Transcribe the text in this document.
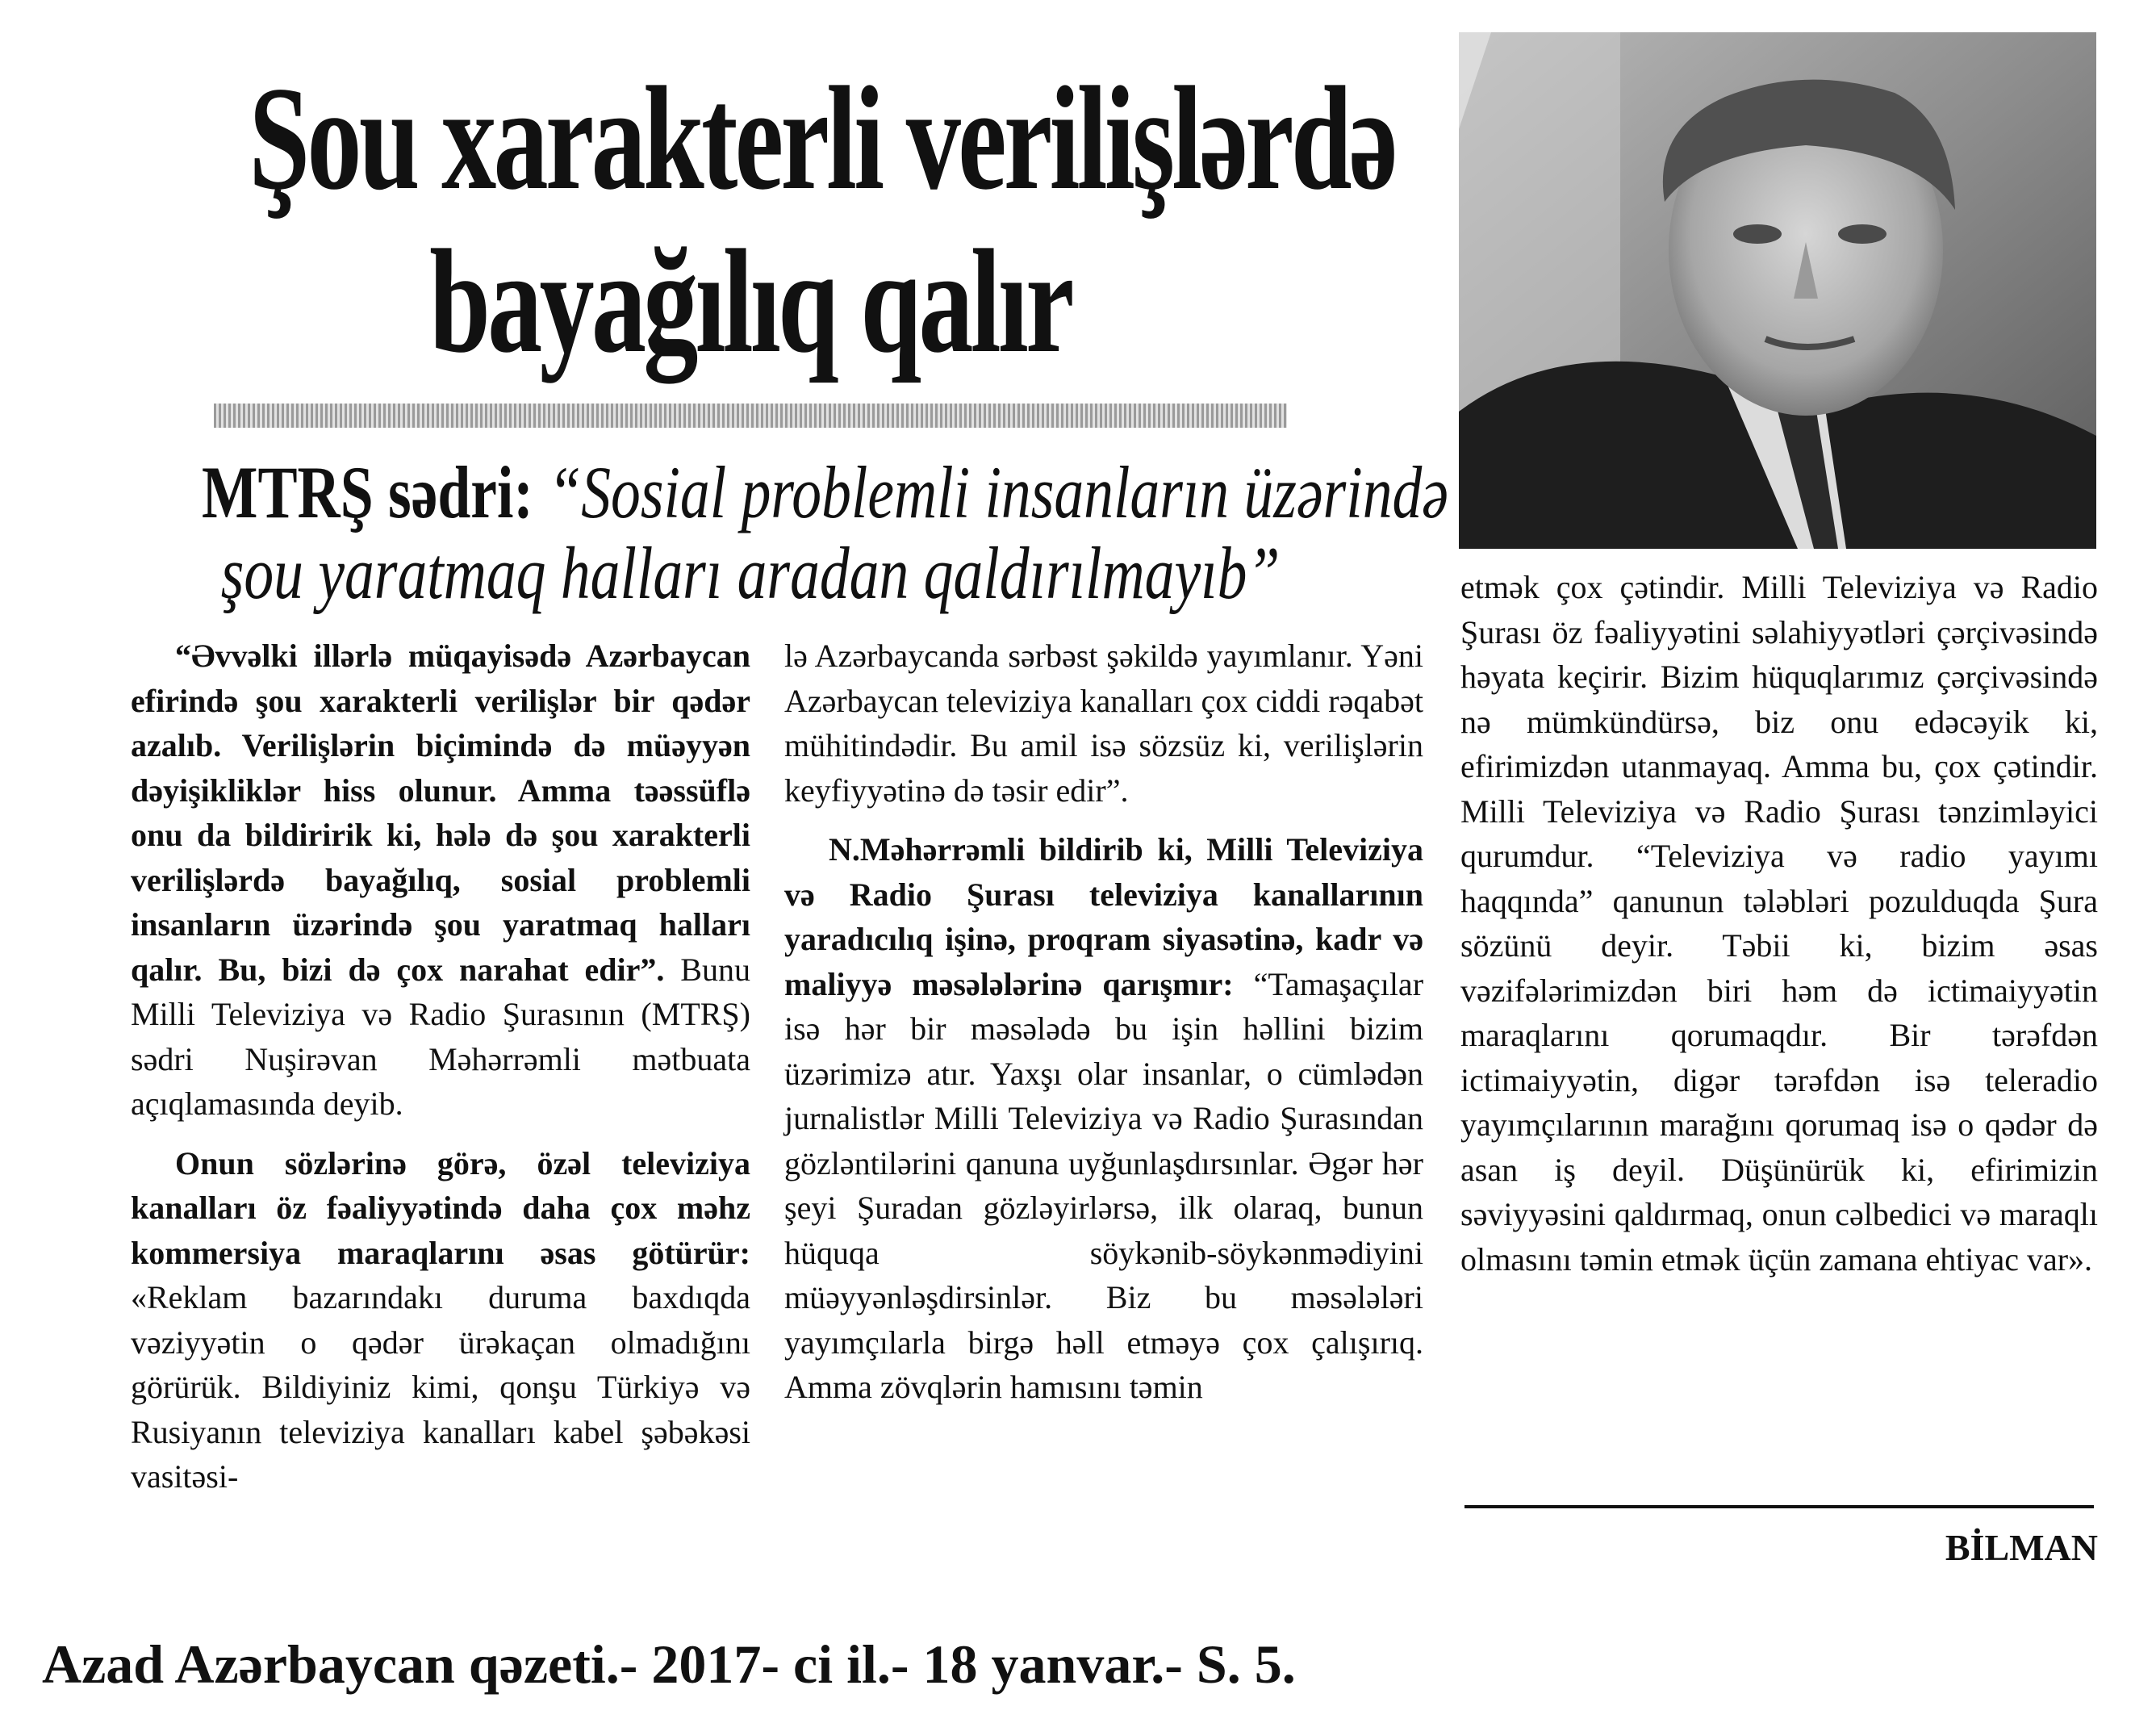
Şou xarakterli verilişlərdə
bayağılıq qalır
MTRŞ sədri: “Sosial problemli insanların üzərində
şou yaratmaq halları aradan qaldırılmayıb”

“Əvvəlki illərlə müqayisədə Azərbaycan efirində şou xarakterli verilişlər bir qədər azalıb. Verilişlərin biçimində də müəyyən dəyişikliklər hiss olunur. Amma təəssüflə onu da bildiririk ki, hələ də şou xarakterli verilişlərdə bayağılıq, sosial problemli insanların üzərində şou yaratmaq halları qalır. Bu, bizi də çox narahat edir”. Bunu Milli Televiziya və Radio Şurasının (MTRŞ) sədri Nuşirəvan Məhərrəmli mətbuata açıqlamasında deyib.

Onun sözlərinə görə, özəl televiziya kanalları öz fəaliyyətində daha çox məhz kommersiya maraqlarını əsas götürür: «Reklam bazarındakı duruma baxdıqda vəziyyətin o qədər ürəkaçan olmadığını görürük. Bildiyiniz kimi, qonşu Türkiyə və Rusiyanın televiziya kanalları kabel şəbəkəsi vasitəsi-

lə Azərbaycanda sərbəst şəkildə yayımlanır. Yəni Azərbaycan televiziya kanalları çox ciddi rəqabət mühitindədir. Bu amil isə sözsüz ki, verilişlərin keyfiyyətinə də təsir edir”.

N.Məhərrəmli bildirib ki, Milli Televiziya və Radio Şurası televiziya kanallarının yaradıcılıq işinə, proqram siyasətinə, kadr və maliyyə məsələlərinə qarışmır: “Tamaşaçılar isə hər bir məsələdə bu işin həllini bizim üzərimizə atır. Yaxşı olar insanlar, o cümlədən jurnalistlər Milli Televiziya və Radio Şurasından gözləntilərini qanuna uyğunlaşdırsınlar. Əgər hər şeyi Şuradan gözləyirlərsə, ilk olaraq, bunun hüquqa söykənib-söykənmədiyini müəyyənləşdirsinlər. Biz bu məsələləri yayımçılarla birgə həll etməyə çox çalışırıq. Amma zövqlərin hamısını təmin

etmək çox çətindir. Milli Televiziya və Radio Şurası öz fəaliyyətini səlahiyyətləri çərçivəsində həyata keçirir. Bizim hüquqlarımız çərçivəsində nə mümkündürsə, biz onu edəcəyik ki, efirimizdən utanmayaq. Amma bu, çox çətindir. Milli Televiziya və Radio Şurası tənzimləyici qurumdur. “Televiziya və radio yayımı haqqında” qanunun tələbləri pozulduqda Şura sözünü deyir. Təbii ki, bizim əsas vəzifələrimizdən biri həm də ictimaiyyətin maraqlarını qorumaqdır. Bir tərəfdən ictimaiyyətin, digər tərəfdən isə teleradio yayımçılarının marağını qorumaq isə o qədər də asan iş deyil. Düşünürük ki, efirimizin səviyyəsini qaldırmaq, onun cəlbedici və maraqlı olmasını təmin etmək üçün zamana ehtiyac var».

BİLMAN
Azad Azərbaycan qəzeti.- 2017- ci il.- 18 yanvar.- S. 5.
